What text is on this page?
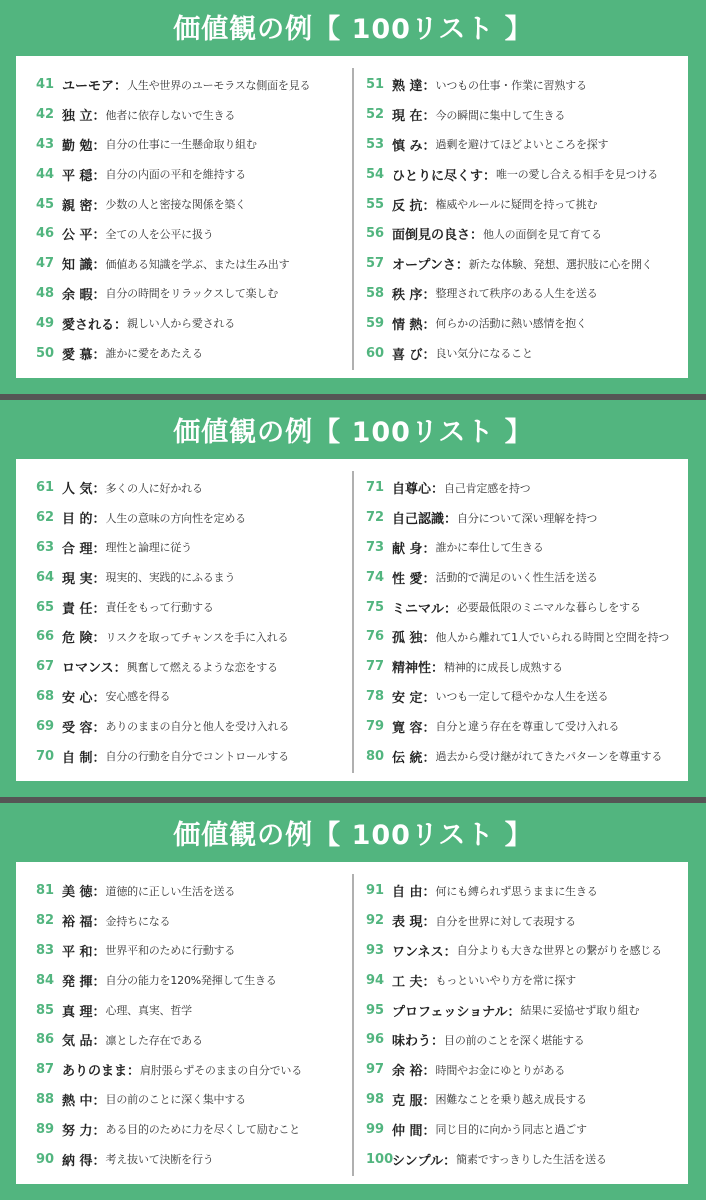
価値観の例【 100リスト 】
41 ユーモア ： 人生や世界のユーモラスな側面を見る
42 独 立 ： 他者に依存しないで生きる
43 勤 勉 ： 自分の仕事に一生懸命取り組む
44 平 穏 ： 自分の内面の平和を維持する
45 親 密 ： 少数の人と密接な関係を築く
46 公 平 ： 全ての人を公平に扱う
47 知 識 ： 価値ある知識を学ぶ、または生み出す
48 余 暇 ： 自分の時間をリラックスして楽しむ
49 愛される ： 親しい人から愛される
50 愛 慕 ： 誰かに愛をあたえる
51 熟 達 ： いつもの仕事・作業に習熟する
52 現 在 ： 今の瞬間に集中して生きる
53 慎 み ： 過剰を避けてほどよいところを探す
54 ひとりに尽くす ： 唯一の愛し合える相手を見つける
55 反 抗 ： 権威やルールに疑問を持って挑む
56 面倒見の良さ ： 他人の面倒を見て育てる
57 オープンさ ： 新たな体験、発想、選択肢に心を開く
58 秩 序 ： 整理されて秩序のある人生を送る
59 情 熱 ： 何らかの活動に熱い感情を抱く
60 喜 び ： 良い気分になること
価値観の例【 100リスト 】
61 人 気 ： 多くの人に好かれる
62 目 的 ： 人生の意味の方向性を定める
63 合 理 ： 理性と論理に従う
64 現 実 ： 現実的、実践的にふるまう
65 責 任 ： 責任をもって行動する
66 危 険 ： リスクを取ってチャンスを手に入れる
67 ロマンス ： 興奮して燃えるような恋をする
68 安 心 ： 安心感を得る
69 受 容 ： ありのままの自分と他人を受け入れる
70 自 制 ： 自分の行動を自分でコントロールする
71 自尊心 ： 自己肯定感を持つ
72 自己認識 ： 自分について深い理解を持つ
73 献 身 ： 誰かに奉仕して生きる
74 性 愛 ： 活動的で満足のいく性生活を送る
75 ミニマル ： 必要最低限のミニマルな暮らしをする
76 孤 独 ： 他人から離れて1人でいられる時間と空間を持つ
77 精神性 ： 精神的に成長し成熟する
78 安 定 ： いつも一定して穏やかな人生を送る
79 寛 容 ： 自分と違う存在を尊重して受け入れる
80 伝 統 ： 過去から受け継がれてきたパターンを尊重する
価値観の例【 100リスト 】
81 美 徳 ： 道徳的に正しい生活を送る
82 裕 福 ： 金持ちになる
83 平 和 ： 世界平和のために行動する
84 発 揮 ： 自分の能力を120%発揮して生きる
85 真 理 ： 心理、真実、哲学
86 気 品 ： 凛とした存在である
87 ありのまま ： 肩肘張らずそのままの自分でいる
88 熱 中 ： 目の前のことに深く集中する
89 努 力 ： ある目的のために力を尽くして励むこと
90 納 得 ： 考え抜いて決断を行う
91 自 由 ： 何にも縛られず思うままに生きる
92 表 現 ： 自分を世界に対して表現する
93 ワンネス ： 自分よりも大きな世界との繋がりを感じる
94 工 夫 ： もっといいやり方を常に探す
95 プロフェッショナル ： 結果に妥協せず取り組む
96 味わう ： 目の前のことを深く堪能する
97 余 裕 ： 時間やお金にゆとりがある
98 克 服 ： 困難なことを乗り越え成長する
99 仲 間 ： 同じ目的に向かう同志と過ごす
100
シンプル ： 簡素ですっきりした生活を送る
